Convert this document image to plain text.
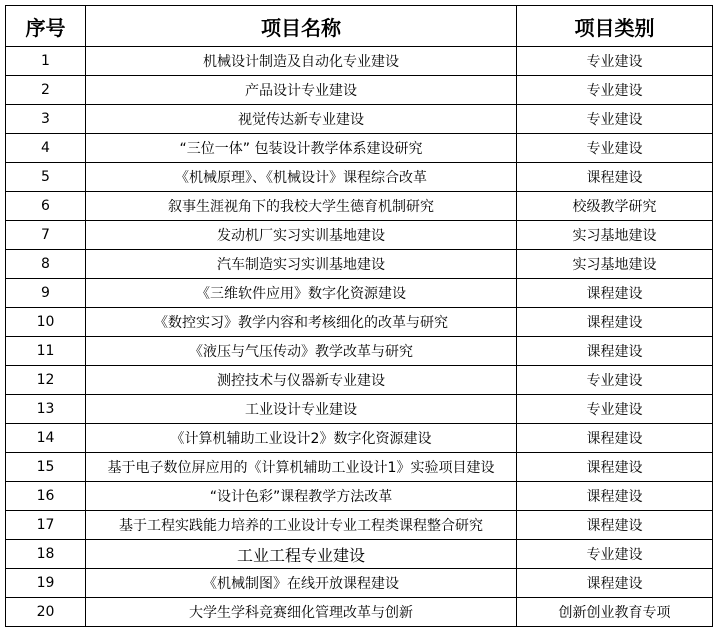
序号	项目名称	项目类别
1	机械设计制造及自动化专业建设	专业建设
2	产品设计专业建设	专业建设
3	视觉传达新专业建设	专业建设
4	“三位一体” 包装设计教学体系建设研究	专业建设
5	《机械原理》、《机械设计》课程综合改革	课程建设
6	叙事生涯视角下的我校大学生德育机制研究	校级教学研究
7	发动机厂实习实训基地建设	实习基地建设
8	汽车制造实习实训基地建设	实习基地建设
9	《三维软件应用》数字化资源建设	课程建设
10	《数控实习》教学内容和考核细化的改革与研究	课程建设
11	《液压与气压传动》教学改革与研究	课程建设
12	测控技术与仪器新专业建设	专业建设
13	工业设计专业建设	专业建设
14	《计算机辅助工业设计2》数字化资源建设	课程建设
15	基于电子数位屏应用的《计算机辅助工业设计1》实验项目建设	课程建设
16	“设计色彩”课程教学方法改革	课程建设
17	基于工程实践能力培养的工业设计专业工程类课程整合研究	课程建设
18	工业工程专业建设	专业建设
19	《机械制图》在线开放课程建设	课程建设
20	大学生学科竞赛细化管理改革与创新	创新创业教育专项
